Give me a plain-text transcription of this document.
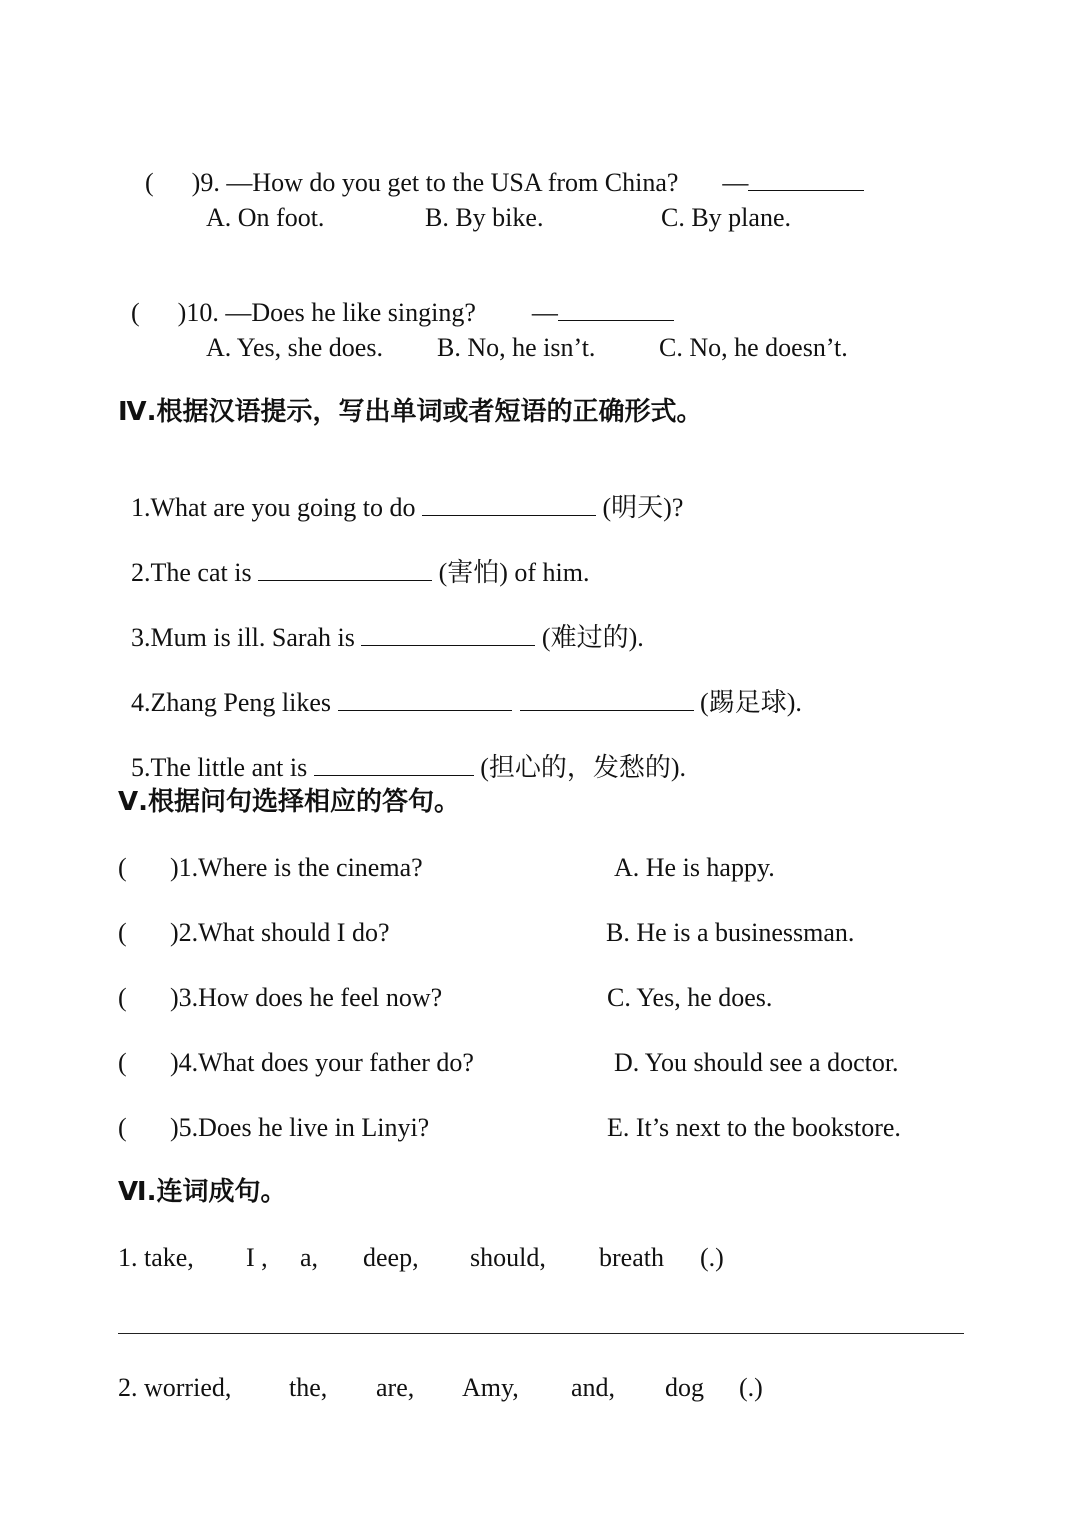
( )9. —How do you get to the USA from China? —

A. On foot.	B. By bike.	C. By plane.

( )10. —Does he like singing? —

A. Yes, she does. B. No, he isn’t. C. No, he doesn’t.
Ⅳ.根据汉语提示，写出单词或者短语的正确形式。

1.What are you going to do	(明天)?

2.The cat is	(害怕) of him.

3.Mum is ill. Sarah is	(难过的).

4.Zhang Peng likes	(踢足球).

5.The little ant is	(担心的，发愁的).

Ⅴ.根据问句选择相应的答句。
( )1.Where is the cinema?	A. He is happy.
( )2.What should I do?	B. He is a businessman.
( )3.How does he feel now?	C. Yes, he does.
( )4.What does your father do?	D. You should see a doctor.
( )5.Does he live in Linyi?	E. It’s next to the bookstore.
Ⅵ.连词成句。
1. take, I , a, deep, should, breath (.)
2. worried, the, are, Amy, and, dog (.)
